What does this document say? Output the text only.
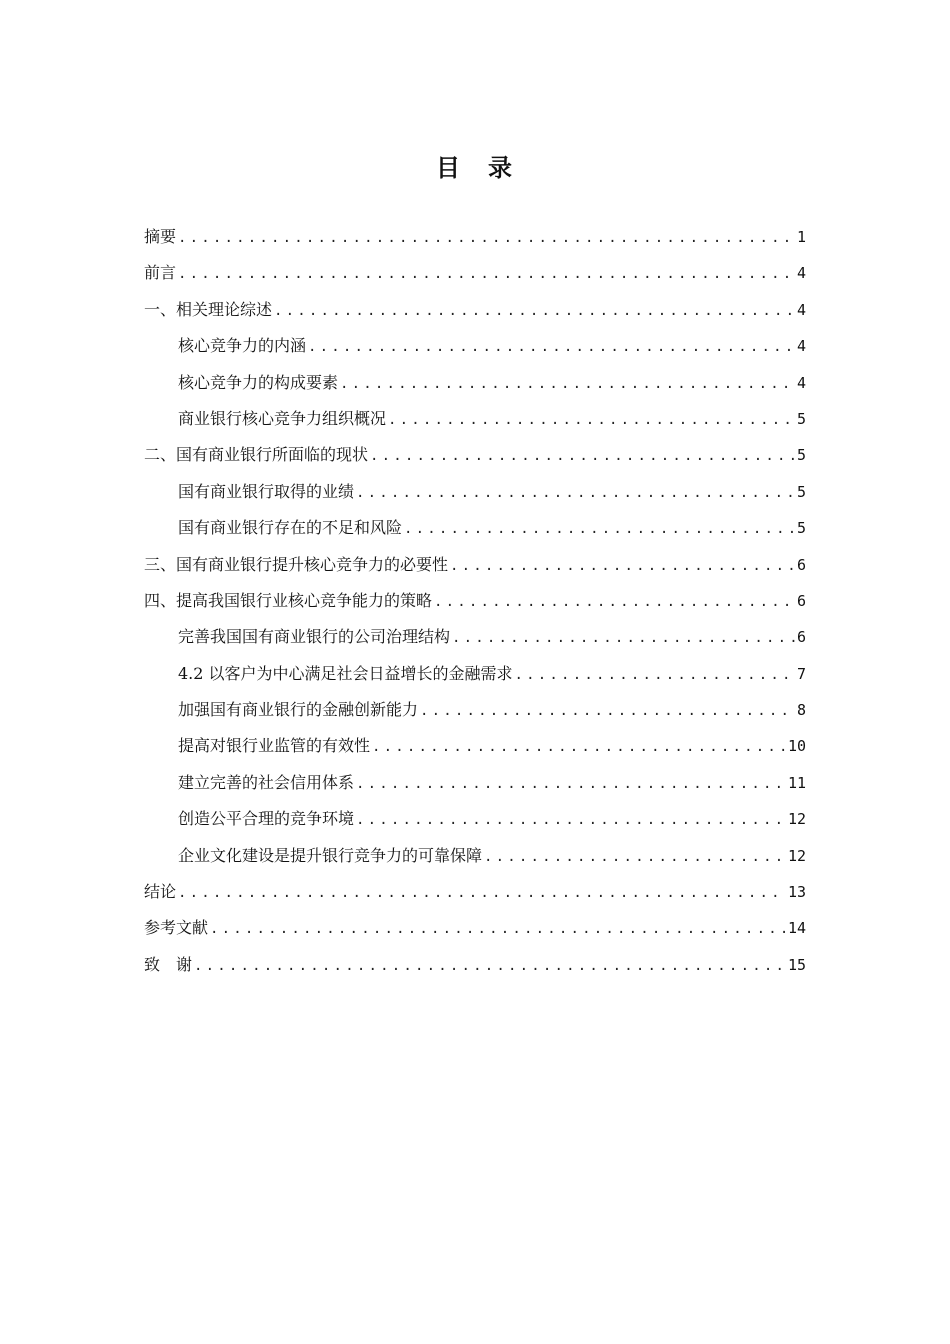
目　录
摘要 .....	1
前言 .....	4
一、相关理论综述 .....	4
核心竞争力的内涵 .....	4
核心竞争力的构成要素 .....	4
商业银行核心竞争力组织概况 .....	5
二、国有商业银行所面临的现状 .....	5
国有商业银行取得的业绩 .....	5
国有商业银行存在的不足和风险 .....	5
三、国有商业银行提升核心竞争力的必要性 .....	6
四、提高我国银行业核心竞争能力的策略 .....	6
完善我国国有商业银行的公司治理结构 .....	6
4.2 以客户为中心满足社会日益增长的金融需求 .....	7
加强国有商业银行的金融创新能力 .....	8
提高对银行业监管的有效性 .....	10
建立完善的社会信用体系 .....	11
创造公平合理的竞争环境 .....	12
企业文化建设是提升银行竞争力的可靠保障 .....	12
结论 .....	13
参考文献 .....	14
致　谢 .....	15
